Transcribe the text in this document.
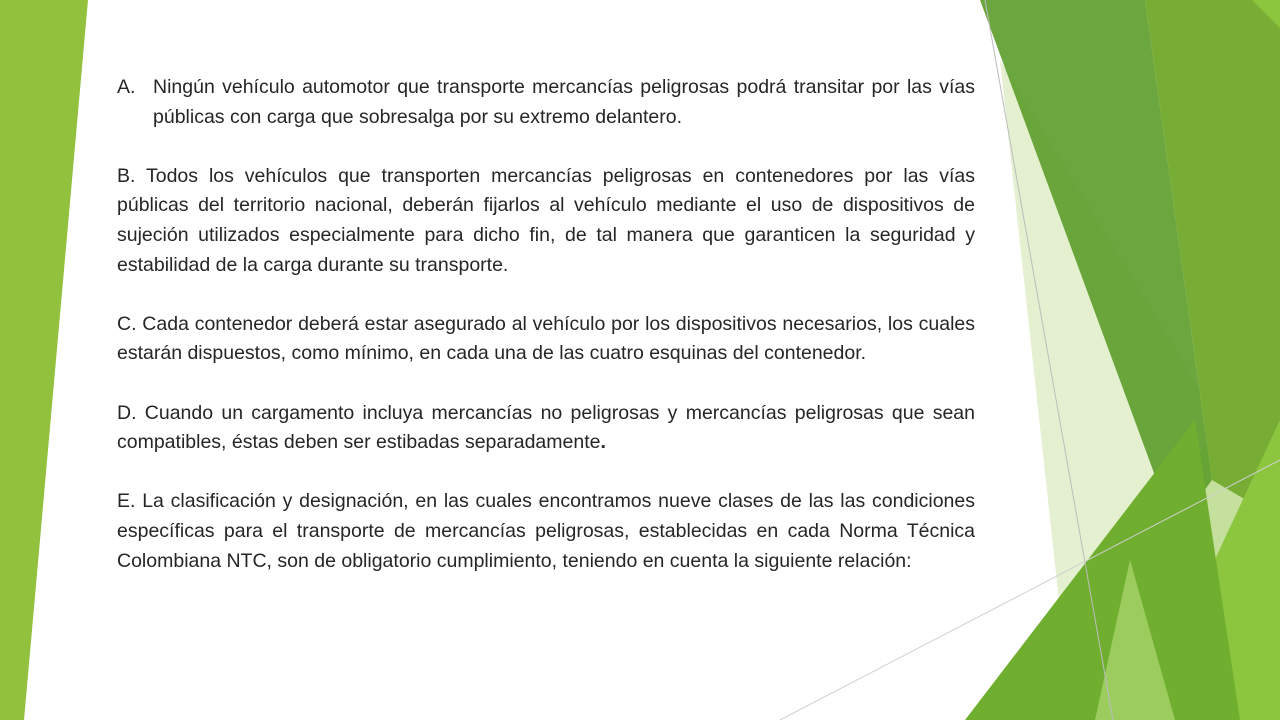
A. Ningún vehículo automotor que transporte mercancías peligrosas podrá transitar por las vías públicas con carga que sobresalga por su extremo delantero.

B. Todos los vehículos que transporten mercancías peligrosas en contenedores por las vías públicas del territorio nacional, deberán fijarlos al vehículo mediante el uso de dispositivos de sujeción utilizados especialmente para dicho fin, de tal manera que garanticen la seguridad y estabilidad de la carga durante su transporte.

C. Cada contenedor deberá estar asegurado al vehículo por los dispositivos necesarios, los cuales estarán dispuestos, como mínimo, en cada una de las cuatro esquinas del contenedor.

D. Cuando un cargamento incluya mercancías no peligrosas y mercancías peligrosas que sean compatibles, éstas deben ser estibadas separadamente.

E. La clasificación y designación, en las cuales encontramos nueve clases de las las condiciones específicas para el transporte de mercancías peligrosas, establecidas en cada Norma Técnica Colombiana NTC, son de obligatorio cumplimiento, teniendo en cuenta la siguiente relación:
